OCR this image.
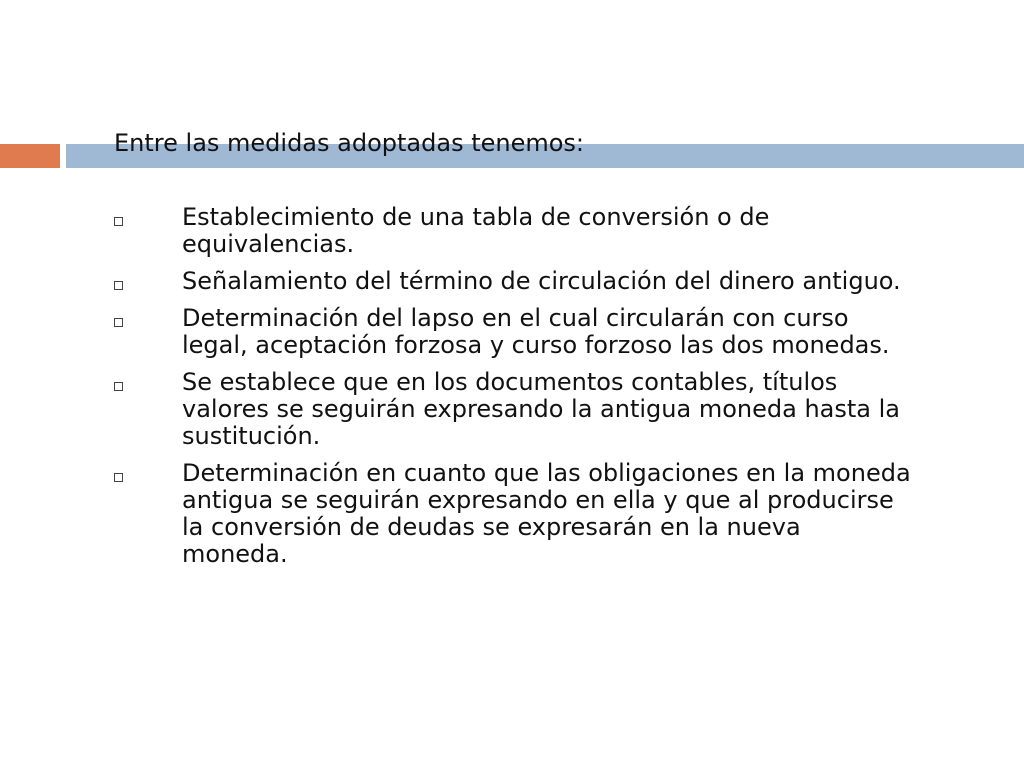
Entre las medidas adoptadas tenemos:
Establecimiento de una tabla de conversión o de equivalencias.
Señalamiento del término de circulación del dinero antiguo.
Determinación del lapso en el cual circularán con curso legal, aceptación forzosa y curso forzoso las dos monedas.
Se establece que en los documentos contables, títulos valores se seguirán expresando la antigua moneda hasta la sustitución.
Determinación en cuanto que las obligaciones en la moneda antigua se seguirán expresando en ella y que al producirse la conversión de deudas se expresarán en la nueva moneda.
